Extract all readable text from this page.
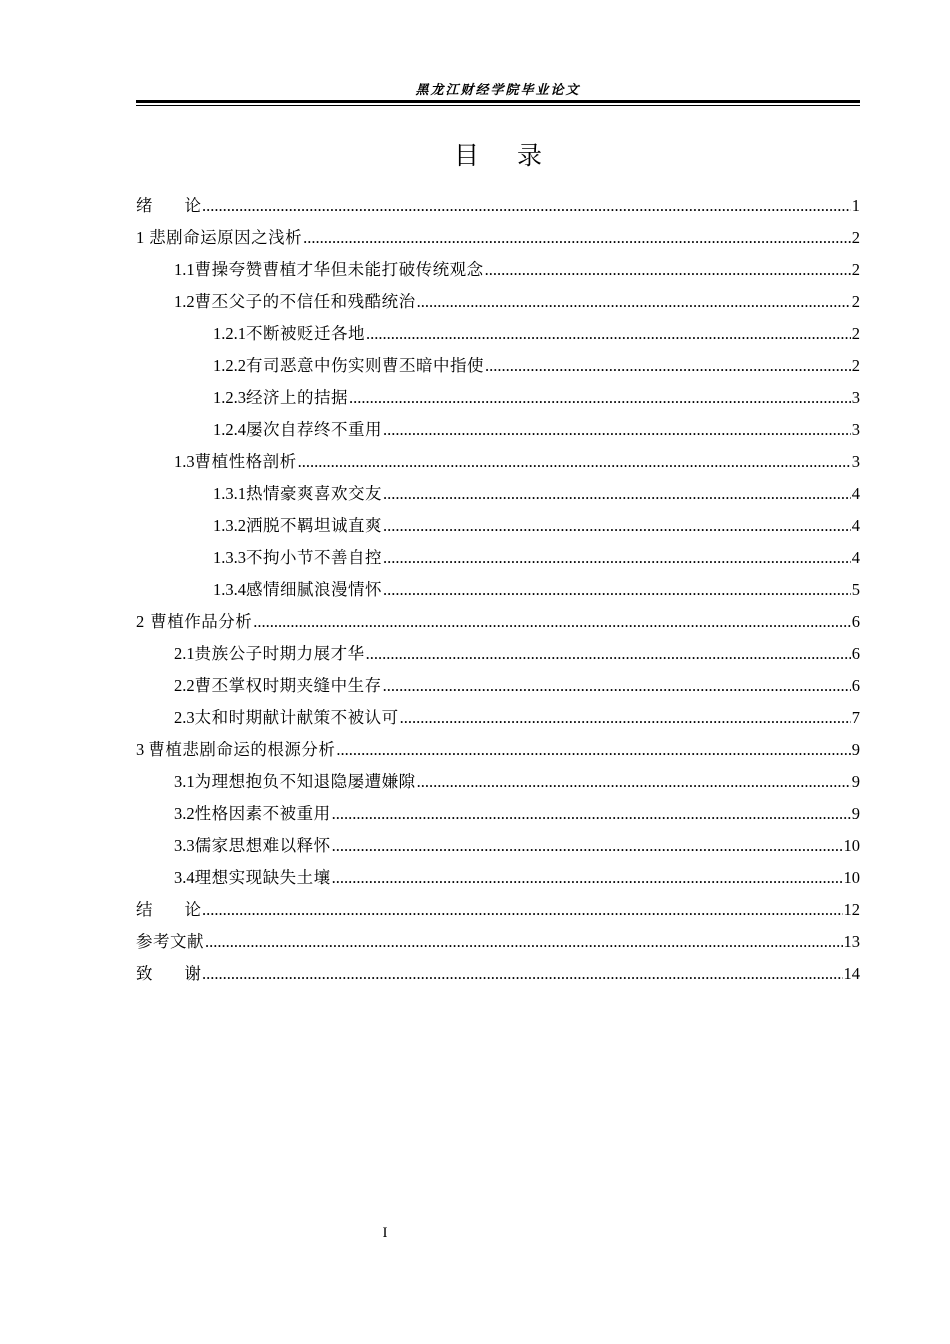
黑龙江财经学院毕业论文
目 录
绪论 .....	1
1 悲剧命运原因之浅析 .....	2
1.1 曹操夸赞曹植才华但未能打破传统观念 .....	2
1.2 曹丕父子的不信任和残酷统治 .....	2
1.2.1 不断被贬迁各地 .....	2
1.2.2 有司恶意中伤实则曹丕暗中指使 .....	2
1.2.3 经济上的拮据 .....	3
1.2.4 屡次自荐终不重用 .....	3
1.3 曹植性格剖析 .....	3
1.3.1 热情豪爽喜欢交友 .....	4
1.3.2 洒脱不羁坦诚直爽 .....	4
1.3.3 不拘小节不善自控 .....	4
1.3.4 感情细腻浪漫情怀 .....	5
2 曹植作品分析 .....	6
2.1 贵族公子时期力展才华 .....	6
2.2 曹丕掌权时期夹缝中生存 .....	6
2.3 太和时期献计献策不被认可 .....	7
3 曹植悲剧命运的根源分析 .....	9
3.1 为理想抱负不知退隐屡遭嫌隙 .....	9
3.2 性格因素不被重用 .....	9
3.3 儒家思想难以释怀 .....	10
3.4 理想实现缺失土壤 .....	10
结论 .....	12
参考文献 .....	13
致谢 .....	14
I
